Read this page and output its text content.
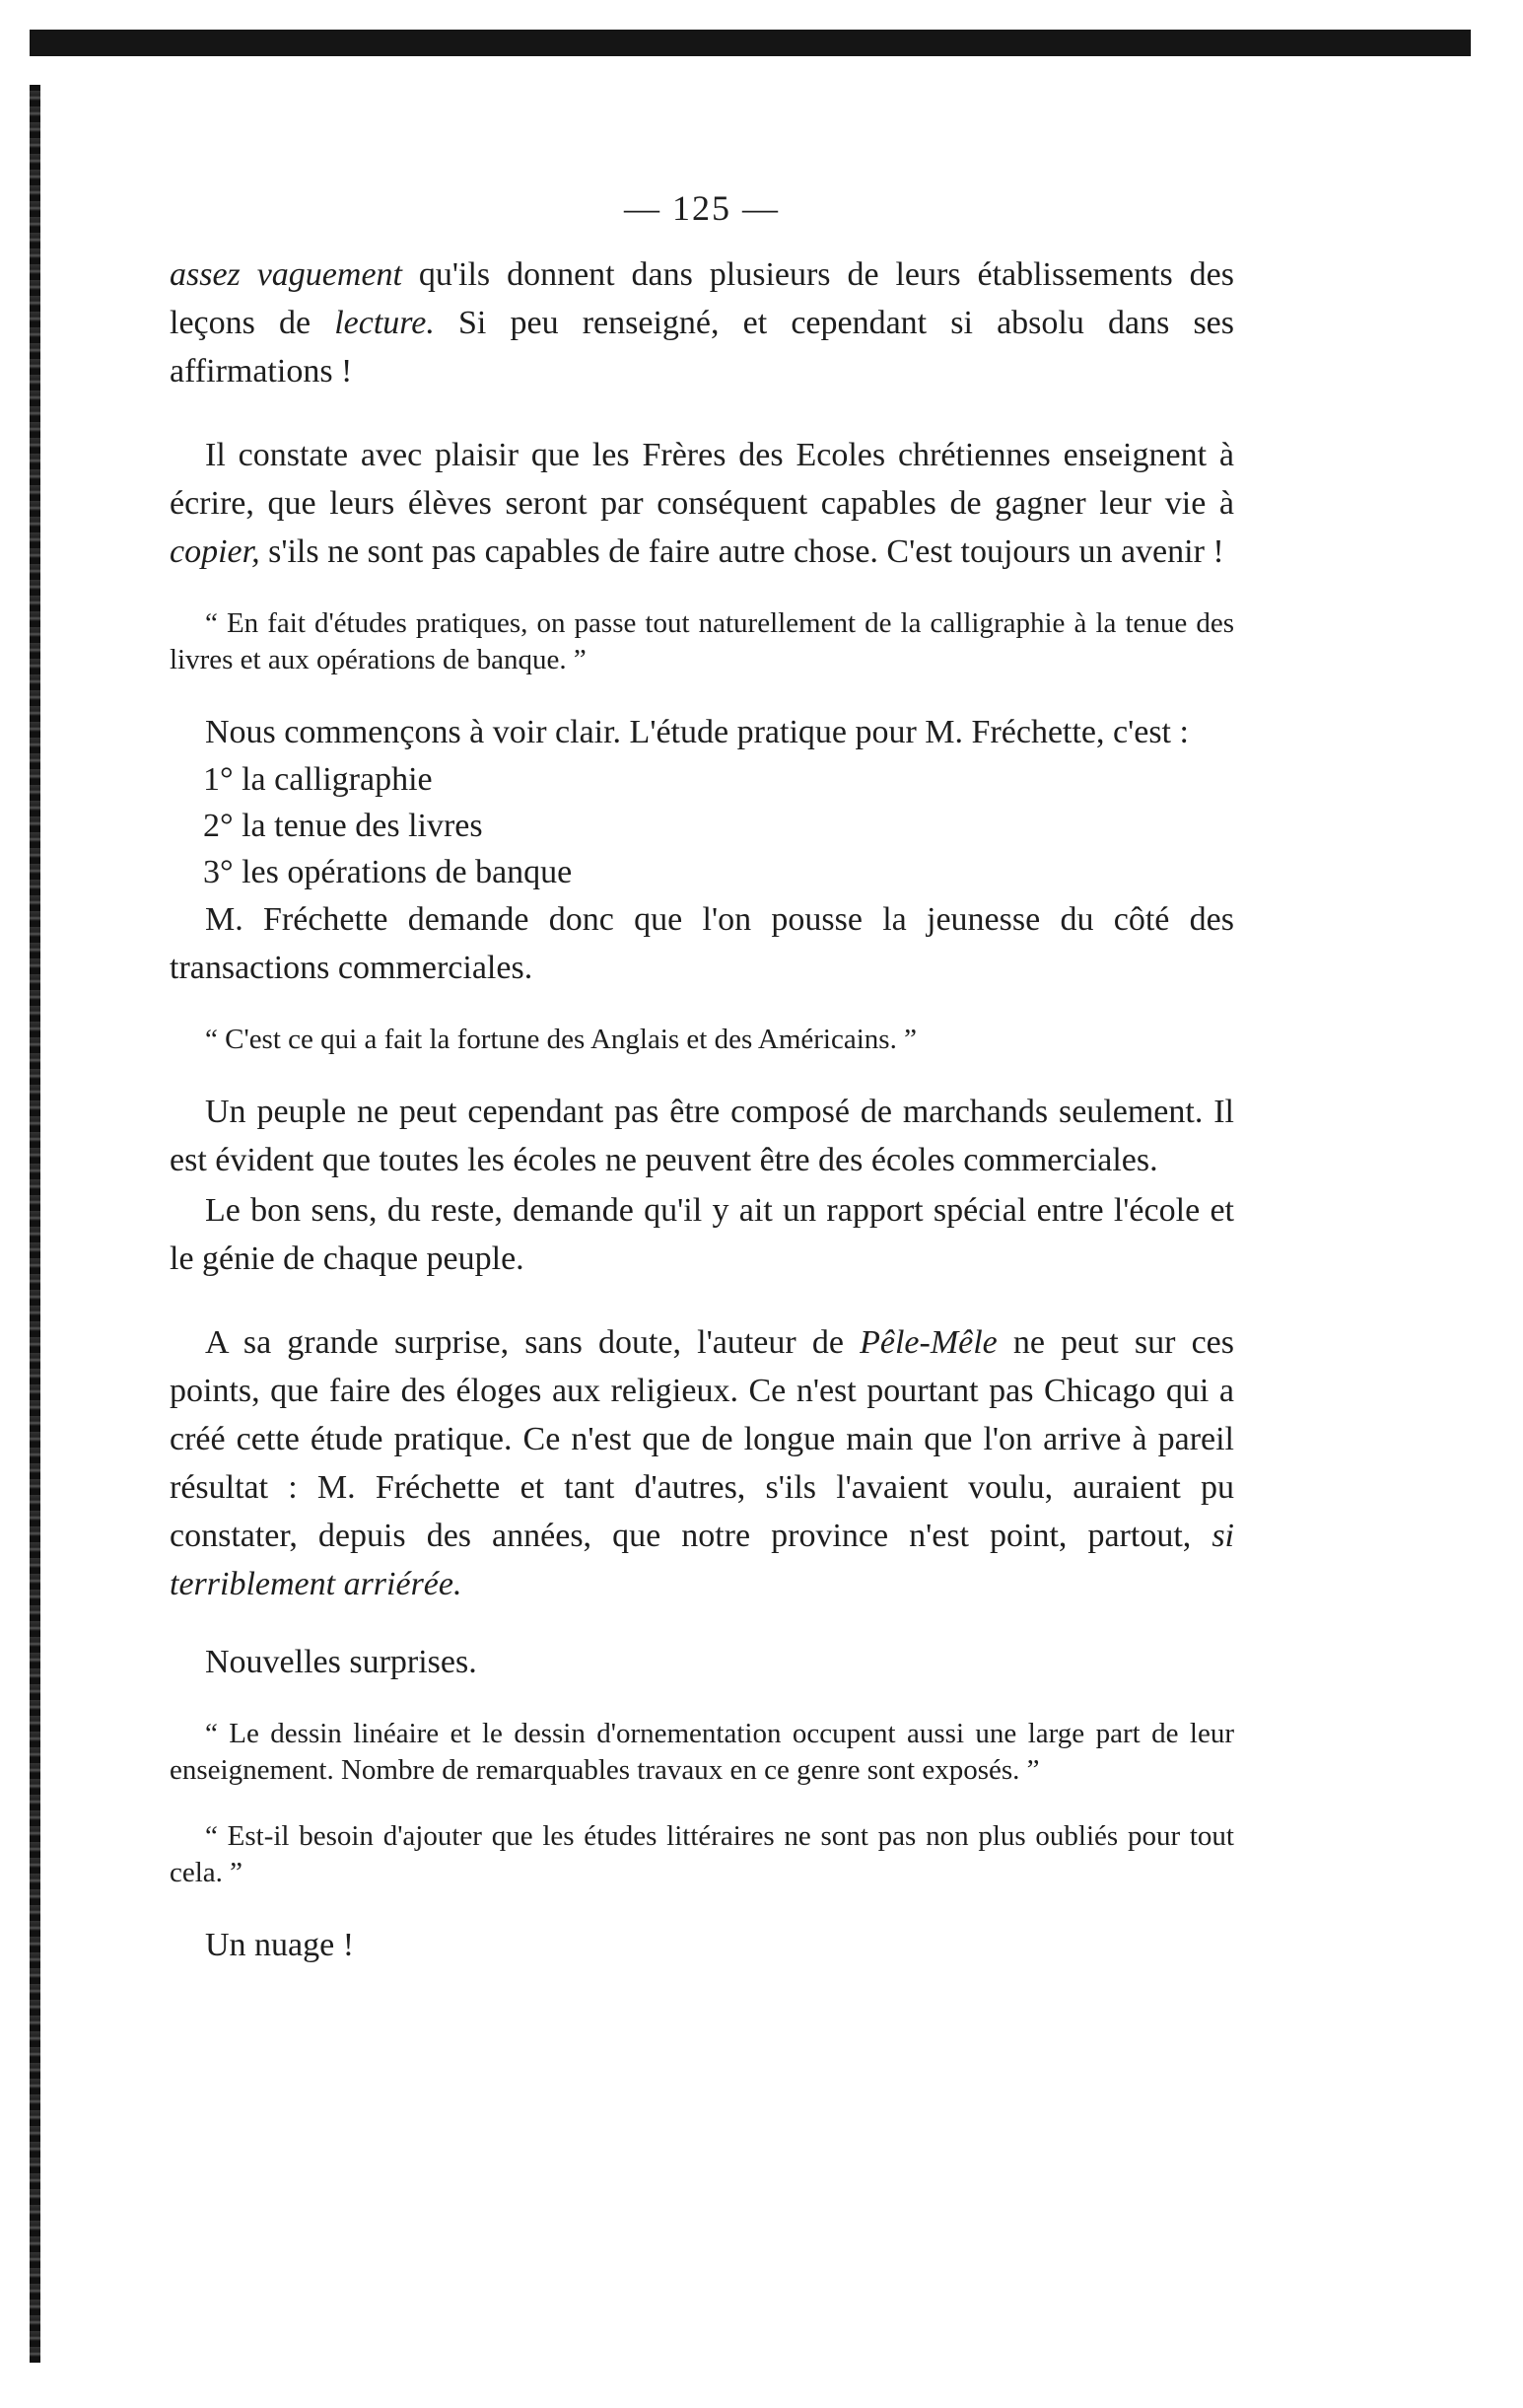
— 125 —

assez vaguement qu'ils donnent dans plusieurs de leurs établissements des leçons de lecture. Si peu renseigné, et cependant si absolu dans ses affirmations !

Il constate avec plaisir que les Frères des Ecoles chrétiennes enseignent à écrire, que leurs élèves seront par conséquent capables de gagner leur vie à copier, s'ils ne sont pas capables de faire autre chose. C'est toujours un avenir !

“ En fait d'études pratiques, on passe tout naturellement de la calligraphie à la tenue des livres et aux opérations de banque. ”

Nous commençons à voir clair. L'étude pratique pour M. Fréchette, c'est :

1° la calligraphie
2° la tenue des livres
3° les opérations de banque

M. Fréchette demande donc que l'on pousse la jeunesse du côté des transactions commerciales.

“ C'est ce qui a fait la fortune des Anglais et des Américains. ”

Un peuple ne peut cependant pas être composé de marchands seulement. Il est évident que toutes les écoles ne peuvent être des écoles commerciales.

Le bon sens, du reste, demande qu'il y ait un rapport spécial entre l'école et le génie de chaque peuple.

A sa grande surprise, sans doute, l'auteur de Pêle-Mêle ne peut sur ces points, que faire des éloges aux religieux. Ce n'est pourtant pas Chicago qui a créé cette étude pratique. Ce n'est que de longue main que l'on arrive à pareil résultat : M. Fréchette et tant d'autres, s'ils l'avaient voulu, auraient pu constater, depuis des années, que notre province n'est point, partout, si terriblement arriérée.

Nouvelles surprises.

“ Le dessin linéaire et le dessin d'ornementation occupent aussi une large part de leur enseignement. Nombre de remarquables travaux en ce genre sont exposés. ”

“ Est-il besoin d'ajouter que les études littéraires ne sont pas non plus oubliés pour tout cela. ”

Un nuage !
